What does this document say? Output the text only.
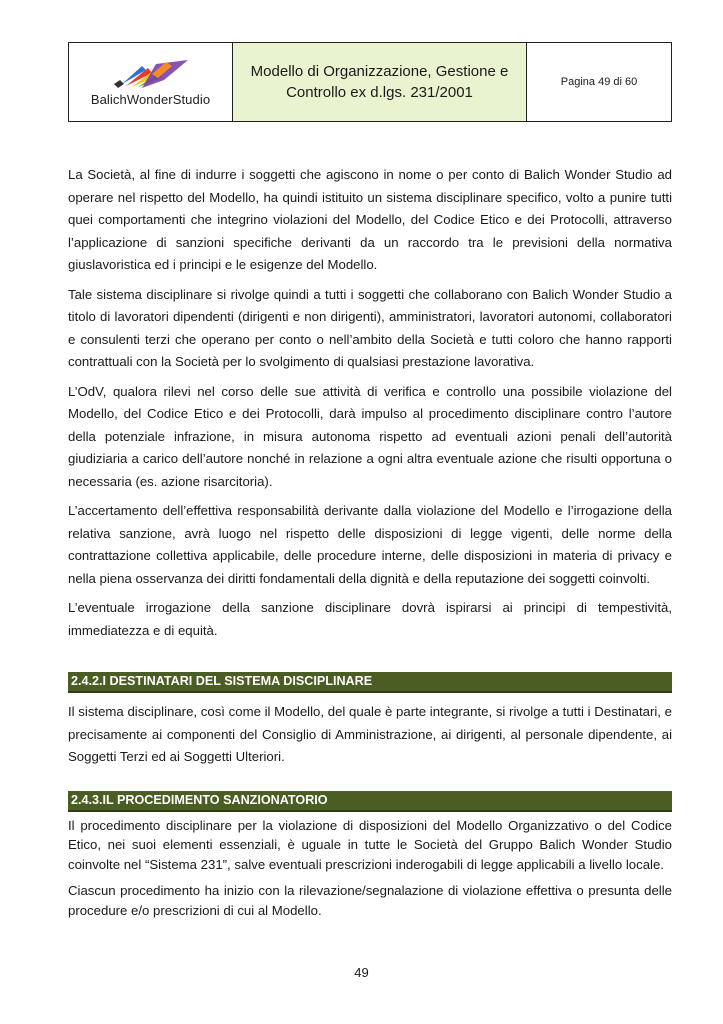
BalichWonderStudio
Modello di Organizzazione, Gestione e Controllo ex d.lgs. 231/2001
Pagina 49 di 60

La Società, al fine di indurre i soggetti che agiscono in nome o per conto di Balich Wonder Studio ad operare nel rispetto del Modello, ha quindi istituito un sistema disciplinare specifico, volto a punire tutti quei comportamenti che integrino violazioni del Modello, del Codice Etico e dei Protocolli, attraverso l’applicazione di sanzioni specifiche derivanti da un raccordo tra le previsioni della normativa giuslavoristica ed i principi e le esigenze del Modello.

Tale sistema disciplinare si rivolge quindi a tutti i soggetti che collaborano con Balich Wonder Studio a titolo di lavoratori dipendenti (dirigenti e non dirigenti), amministratori, lavoratori autonomi, collaboratori e consulenti terzi che operano per conto o nell’ambito della Società e tutti coloro che hanno rapporti contrattuali con la Società per lo svolgimento di qualsiasi prestazione lavorativa.

L’OdV, qualora rilevi nel corso delle sue attività di verifica e controllo una possibile violazione del Modello, del Codice Etico e dei Protocolli, darà impulso al procedimento disciplinare contro l’autore della potenziale infrazione, in misura autonoma rispetto ad eventuali azioni penali dell’autorità giudiziaria a carico dell’autore nonché in relazione a ogni altra eventuale azione che risulti opportuna o necessaria (es. azione risarcitoria).

L’accertamento dell’effettiva responsabilità derivante dalla violazione del Modello e l’irrogazione della relativa sanzione, avrà luogo nel rispetto delle disposizioni di legge vigenti, delle norme della contrattazione collettiva applicabile, delle procedure interne, delle disposizioni in materia di privacy e nella piena osservanza dei diritti fondamentali della dignità e della reputazione dei soggetti coinvolti.

L’eventuale irrogazione della sanzione disciplinare dovrà ispirarsi ai principi di tempestività, immediatezza e di equità.

2.4.2.I DESTINATARI DEL SISTEMA DISCIPLINARE

Il sistema disciplinare, così come il Modello, del quale è parte integrante, si rivolge a tutti i Destinatari, e precisamente ai componenti del Consiglio di Amministrazione, ai dirigenti, al personale dipendente, ai Soggetti Terzi ed ai Soggetti Ulteriori.

2.4.3.IL PROCEDIMENTO SANZIONATORIO

Il procedimento disciplinare per la violazione di disposizioni del Modello Organizzativo o del Codice Etico, nei suoi elementi essenziali, è uguale in tutte le Società del Gruppo Balich Wonder Studio coinvolte nel “Sistema 231”, salve eventuali prescrizioni inderogabili di legge applicabili a livello locale.

Ciascun procedimento ha inizio con la rilevazione/segnalazione di violazione effettiva o presunta delle procedure e/o prescrizioni di cui al Modello.

49
